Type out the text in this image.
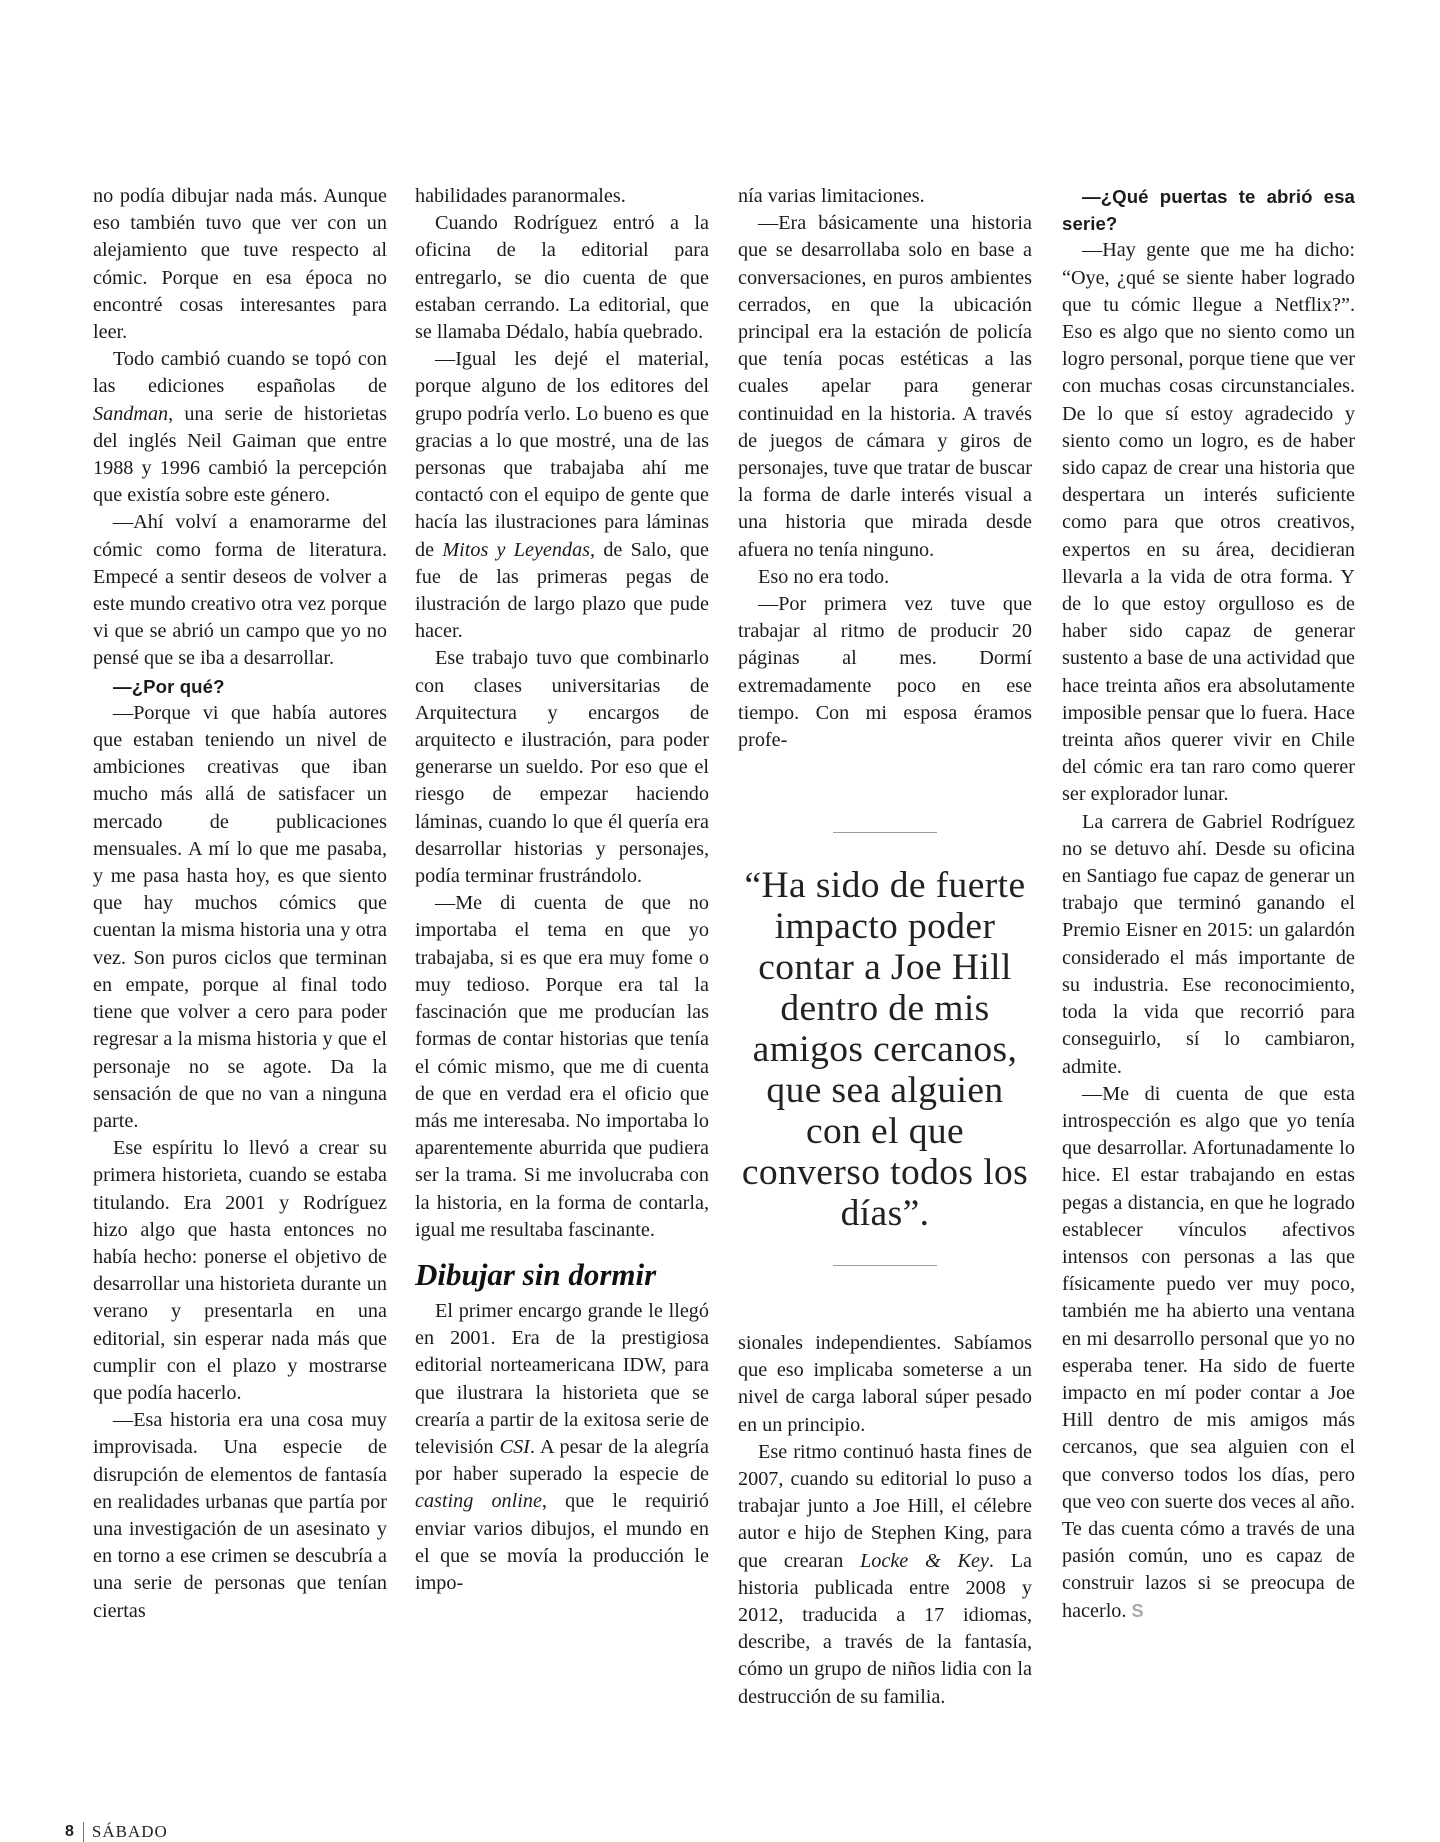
no podía dibujar nada más. Aunque eso también tuvo que ver con un alejamiento que tuve respecto al cómic. Porque en esa época no encontré cosas interesantes para leer.

Todo cambió cuando se topó con las ediciones españolas de Sandman, una serie de historietas del inglés Neil Gaiman que entre 1988 y 1996 cambió la percepción que existía sobre este género.

—Ahí volví a enamorarme del cómic como forma de literatura. Empecé a sentir deseos de volver a este mundo creativo otra vez porque vi que se abrió un campo que yo no pensé que se iba a desarrollar.

—¿Por qué?

—Porque vi que había autores que estaban teniendo un nivel de ambiciones creativas que iban mucho más allá de satisfacer un mercado de publicaciones mensuales. A mí lo que me pasaba, y me pasa hasta hoy, es que siento que hay muchos cómics que cuentan la misma historia una y otra vez. Son puros ciclos que terminan en empate, porque al final todo tiene que volver a cero para poder regresar a la misma historia y que el personaje no se agote. Da la sensación de que no van a ninguna parte.

Ese espíritu lo llevó a crear su primera historieta, cuando se estaba titulando. Era 2001 y Rodríguez hizo algo que hasta entonces no había hecho: ponerse el objetivo de desarrollar una historieta durante un verano y presentarla en una editorial, sin esperar nada más que cumplir con el plazo y mostrarse que podía hacerlo.

—Esa historia era una cosa muy improvisada. Una especie de disrupción de elementos de fantasía en realidades urbanas que partía por una investigación de un asesinato y en torno a ese crimen se descubría a una serie de personas que tenían ciertas

habilidades paranormales.

Cuando Rodríguez entró a la oficina de la editorial para entregarlo, se dio cuenta de que estaban cerrando. La editorial, que se llamaba Dédalo, había quebrado.

—Igual les dejé el material, porque alguno de los editores del grupo podría verlo. Lo bueno es que gracias a lo que mostré, una de las personas que trabajaba ahí me contactó con el equipo de gente que hacía las ilustraciones para láminas de Mitos y Leyendas, de Salo, que fue de las primeras pegas de ilustración de largo plazo que pude hacer.

Ese trabajo tuvo que combinarlo con clases universitarias de Arquitectura y encargos de arquitecto e ilustración, para poder generarse un sueldo. Por eso que el riesgo de empezar haciendo láminas, cuando lo que él quería era desarrollar historias y personajes, podía terminar frustrándolo.

—Me di cuenta de que no importaba el tema en que yo trabajaba, si es que era muy fome o muy tedioso. Porque era tal la fascinación que me producían las formas de contar historias que tenía el cómic mismo, que me di cuenta de que en verdad era el oficio que más me interesaba. No importaba lo aparentemente aburrida que pudiera ser la trama. Si me involucraba con la historia, en la forma de contarla, igual me resultaba fascinante.

Dibujar sin dormir

El primer encargo grande le llegó en 2001. Era de la prestigiosa editorial norteamericana IDW, para que ilustrara la historieta que se crearía a partir de la exitosa serie de televisión CSI. A pesar de la alegría por haber superado la especie de casting online, que le requirió enviar varios dibujos, el mundo en el que se movía la producción le impo-

nía varias limitaciones.

—Era básicamente una historia que se desarrollaba solo en base a conversaciones, en puros ambientes cerrados, en que la ubicación principal era la estación de policía que tenía pocas estéticas a las cuales apelar para generar continuidad en la historia. A través de juegos de cámara y giros de personajes, tuve que tratar de buscar la forma de darle interés visual a una historia que mirada desde afuera no tenía ninguno.

Eso no era todo.

—Por primera vez tuve que trabajar al ritmo de producir 20 páginas al mes. Dormí extremadamente poco en ese tiempo. Con mi esposa éramos profe-

“Ha sido de fuerte impacto poder contar a Joe Hill dentro de mis amigos cercanos, que sea alguien con el que converso todos los días”.

sionales independientes. Sabíamos que eso implicaba someterse a un nivel de carga laboral súper pesado en un principio.

Ese ritmo continuó hasta fines de 2007, cuando su editorial lo puso a trabajar junto a Joe Hill, el célebre autor e hijo de Stephen King, para que crearan Locke & Key. La historia publicada entre 2008 y 2012, traducida a 17 idiomas, describe, a través de la fantasía, cómo un grupo de niños lidia con la destrucción de su familia.

—¿Qué puertas te abrió esa serie?

—Hay gente que me ha dicho: “Oye, ¿qué se siente haber logrado que tu cómic llegue a Netflix?”. Eso es algo que no siento como un logro personal, porque tiene que ver con muchas cosas circunstanciales. De lo que sí estoy agradecido y siento como un logro, es de haber sido capaz de crear una historia que despertara un interés suficiente como para que otros creativos, expertos en su área, decidieran llevarla a la vida de otra forma. Y de lo que estoy orgulloso es de haber sido capaz de generar sustento a base de una actividad que hace treinta años era absolutamente imposible pensar que lo fuera. Hace treinta años querer vivir en Chile del cómic era tan raro como querer ser explorador lunar.

La carrera de Gabriel Rodríguez no se detuvo ahí. Desde su oficina en Santiago fue capaz de generar un trabajo que terminó ganando el Premio Eisner en 2015: un galardón considerado el más importante de su industria. Ese reconocimiento, toda la vida que recorrió para conseguirlo, sí lo cambiaron, admite.

—Me di cuenta de que esta introspección es algo que yo tenía que desarrollar. Afortunadamente lo hice. El estar trabajando en estas pegas a distancia, en que he logrado establecer vínculos afectivos intensos con personas a las que físicamente puedo ver muy poco, también me ha abierto una ventana en mi desarrollo personal que yo no esperaba tener. Ha sido de fuerte impacto en mí poder contar a Joe Hill dentro de mis amigos más cercanos, que sea alguien con el que converso todos los días, pero que veo con suerte dos veces al año. Te das cuenta cómo a través de una pasión común, uno es capaz de construir lazos si se preocupa de hacerlo. S

8 SÁBADO
